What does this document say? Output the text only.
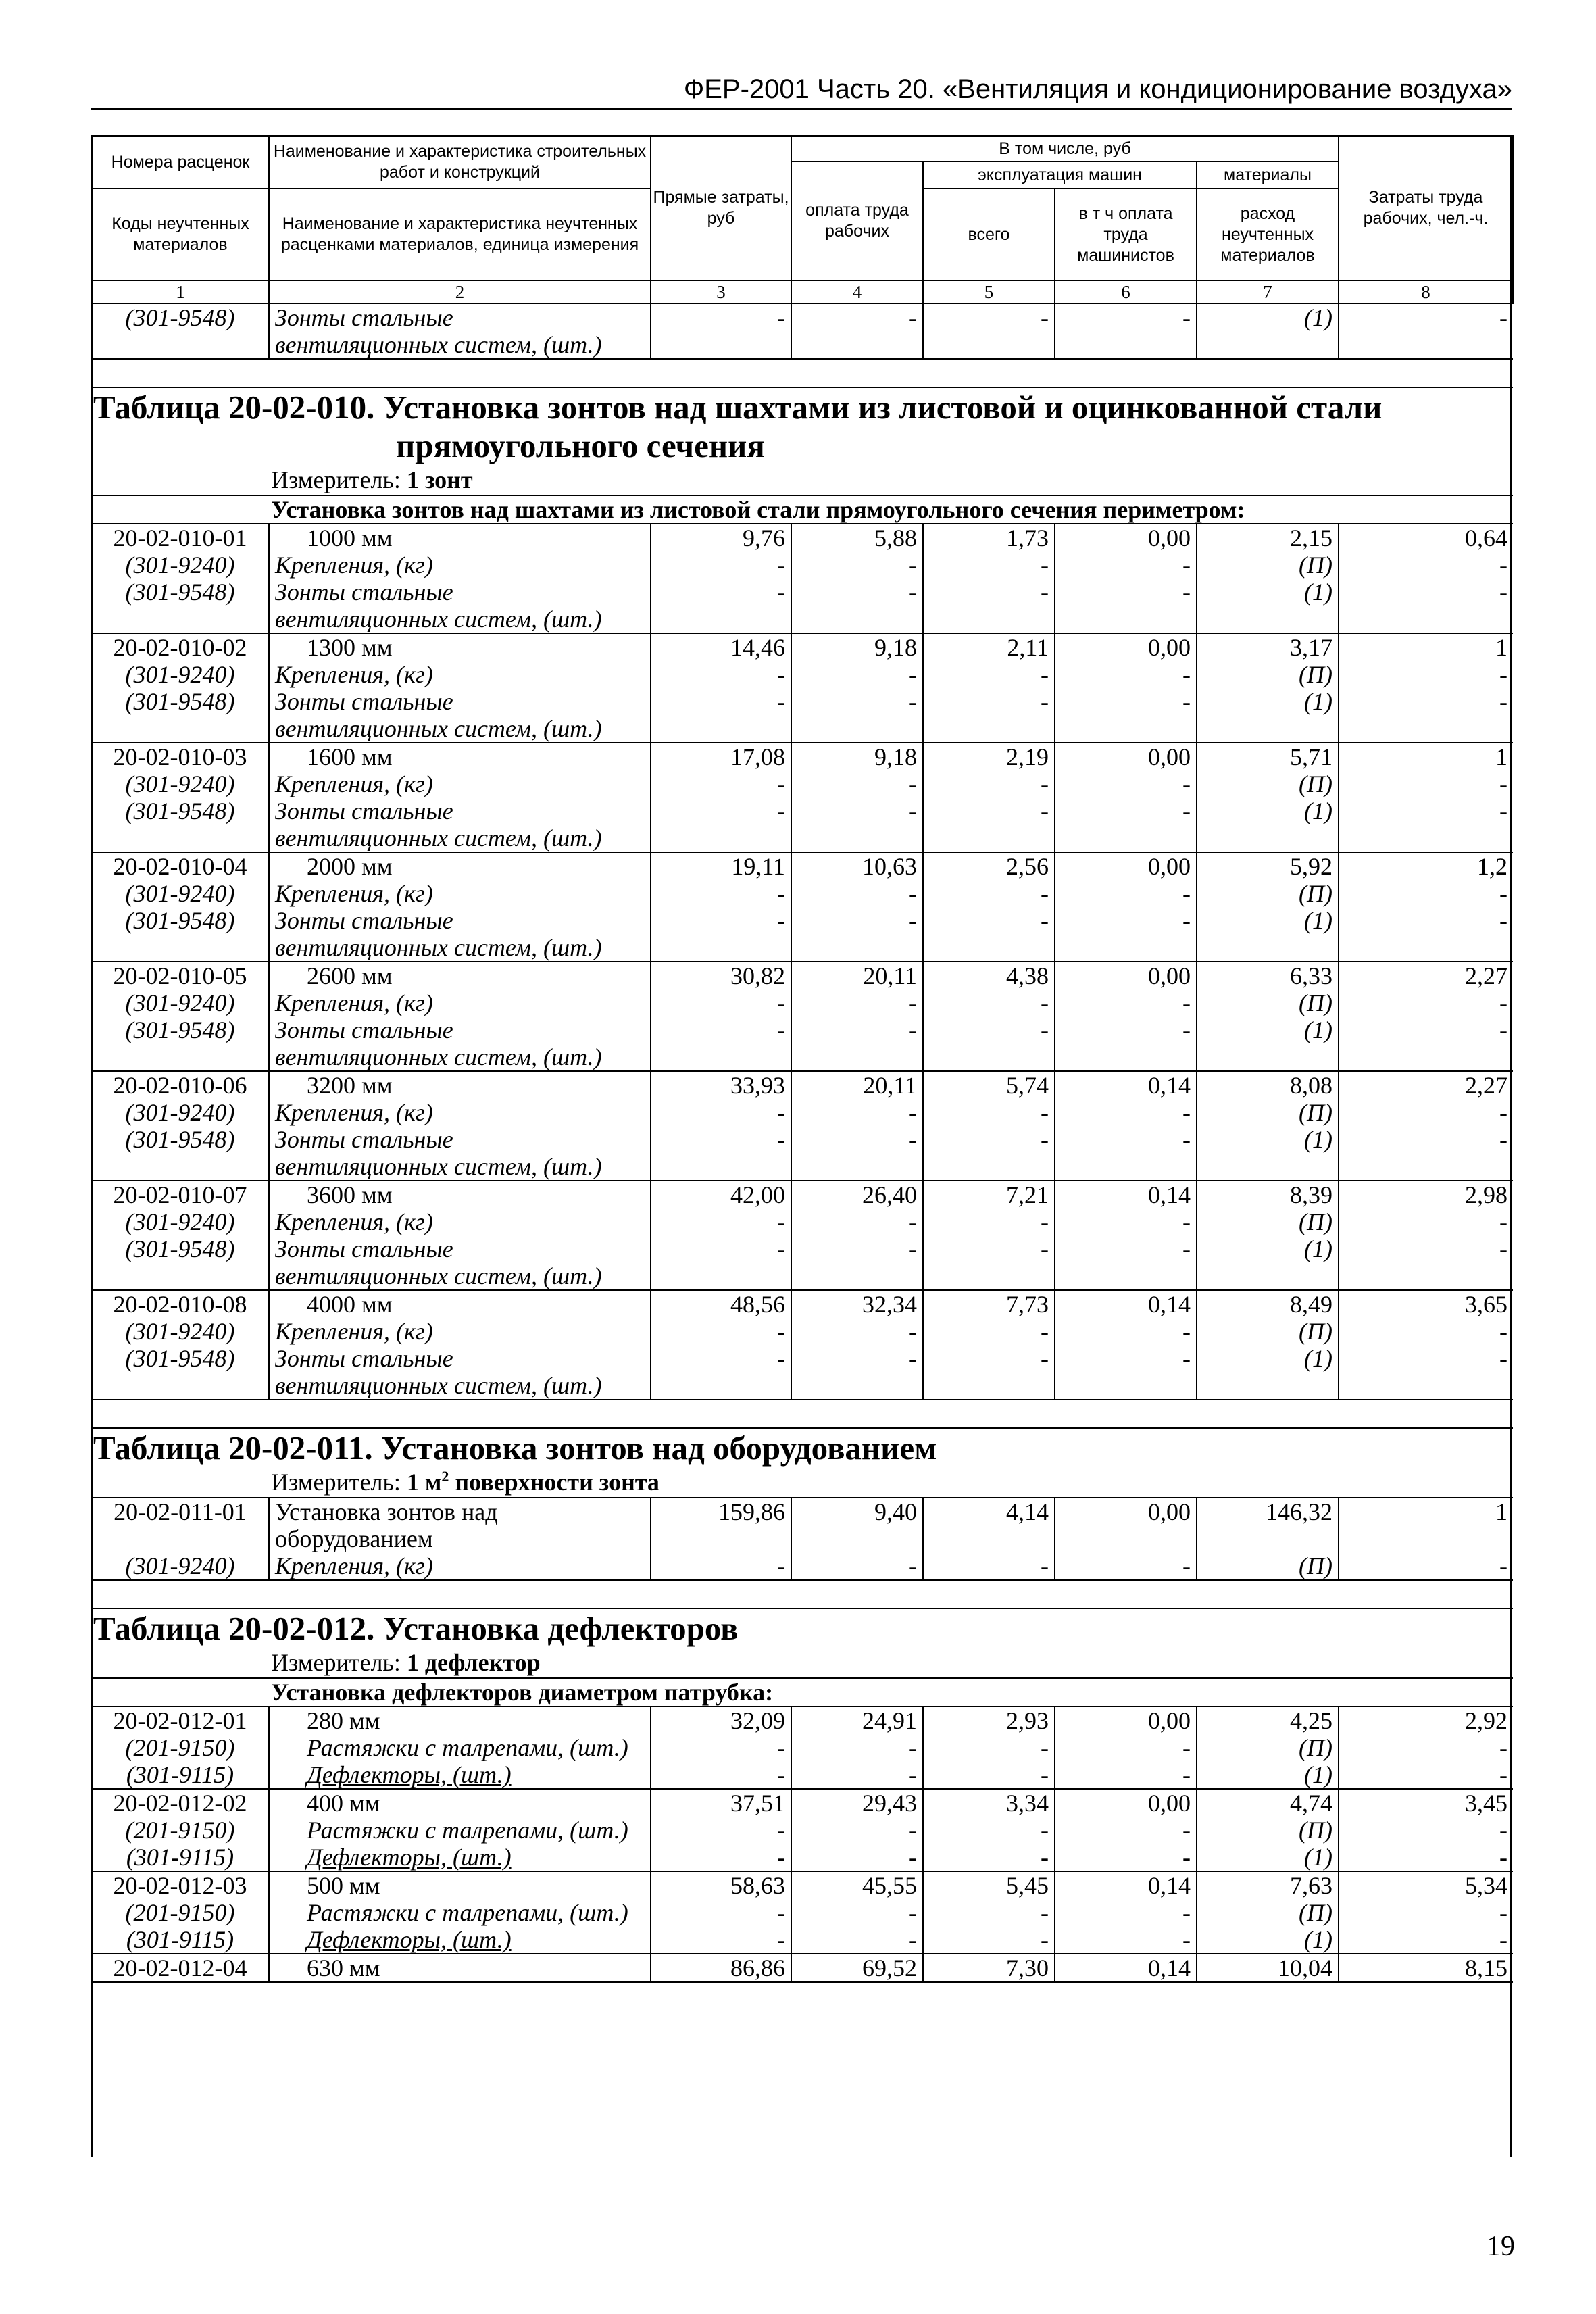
ФЕР-2001 Часть 20. «Вентиляция и кондиционирование воздуха»
Номера расценок	Наименование и характеристика строительных работ и конструкций	Прямые затраты, руб	В том числе, руб				Затраты труда рабочих, чел.-ч.
			оплата труда рабочих	эксплуатация машин		материалы	
Коды неучтенных материалов	Наименование и характеристика неучтенных расценками материалов, единица измерения			всего	в т ч оплата труда машинистов	расход неучтенных материалов	

1	2	3	4	5	6	7	8
(301-9548)	Зонты стальные	-	-	-	-	(1)	-
	вентиляционных систем, (шт.)						

Таблица 20-02-010. Установка зонтов над шахтами из листовой и оцинкованной стали							
прямоугольного сечения							
Измеритель: 1 зонт							
Установка зонтов над шахтами из листовой стали прямоугольного сечения периметром:							
20-02-010-01	1000 мм	9,76	5,88	1,73	0,00	2,15	0,64
(301-9240)	Крепления, (кг)	-	-	-	-	(П)	-
(301-9548)	Зонты стальные	-	-	-	-	(1)	-
	вентиляционных систем, (шт.)						
20-02-010-02	1300 мм	14,46	9,18	2,11	0,00	3,17	1
(301-9240)	Крепления, (кг)	-	-	-	-	(П)	-
(301-9548)	Зонты стальные	-	-	-	-	(1)	-
	вентиляционных систем, (шт.)						
20-02-010-03	1600 мм	17,08	9,18	2,19	0,00	5,71	1
(301-9240)	Крепления, (кг)	-	-	-	-	(П)	-
(301-9548)	Зонты стальные	-	-	-	-	(1)	-
	вентиляционных систем, (шт.)						
20-02-010-04	2000 мм	19,11	10,63	2,56	0,00	5,92	1,2
(301-9240)	Крепления, (кг)	-	-	-	-	(П)	-
(301-9548)	Зонты стальные	-	-	-	-	(1)	-
	вентиляционных систем, (шт.)						
20-02-010-05	2600 мм	30,82	20,11	4,38	0,00	6,33	2,27
(301-9240)	Крепления, (кг)	-	-	-	-	(П)	-
(301-9548)	Зонты стальные	-	-	-	-	(1)	-
	вентиляционных систем, (шт.)						
20-02-010-06	3200 мм	33,93	20,11	5,74	0,14	8,08	2,27
(301-9240)	Крепления, (кг)	-	-	-	-	(П)	-
(301-9548)	Зонты стальные	-	-	-	-	(1)	-
	вентиляционных систем, (шт.)						
20-02-010-07	3600 мм	42,00	26,40	7,21	0,14	8,39	2,98
(301-9240)	Крепления, (кг)	-	-	-	-	(П)	-
(301-9548)	Зонты стальные	-	-	-	-	(1)	-
	вентиляционных систем, (шт.)						
20-02-010-08	4000 мм	48,56	32,34	7,73	0,14	8,49	3,65
(301-9240)	Крепления, (кг)	-	-	-	-	(П)	-
(301-9548)	Зонты стальные	-	-	-	-	(1)	-
	вентиляционных систем, (шт.)						

Таблица 20-02-011. Установка зонтов над оборудованием							
Измеритель: 1 $м^2$ поверхности зонта							
20-02-011-01	Установка зонтов над	159,86	9,40	4,14	0,00	146,32	1
	оборудованием						
(301-9240)	Крепления, (кг)	-	-	-	-	(П)	-

Таблица 20-02-012. Установка дефлекторов							
Измеритель: 1 дефлектор							
Установка дефлекторов диаметром патрубка:							
20-02-012-01	280 мм	32,09	24,91	2,93	0,00	4,25	2,92
(201-9150)	Растяжки с талрепами, (шт.)	-	-	-	-	(П)	-
(301-9115)	Дефлекторы, (шт.)	-	-	-	-	(1)	-
20-02-012-02	400 мм	37,51	29,43	3,34	0,00	4,74	3,45
(201-9150)	Растяжки с талрепами, (шт.)	-	-	-	-	(П)	-
(301-9115)	Дефлекторы, (шт.)	-	-	-	-	(1)	-
20-02-012-03	500 мм	58,63	45,55	5,45	0,14	7,63	5,34
(201-9150)	Растяжки с талрепами, (шт.)	-	-	-	-	(П)	-
(301-9115)	Дефлекторы, (шт.)	-	-	-	-	(1)	-
20-02-012-04	630 мм	86,86	69,52	7,30	0,14	10,04	8,15
19
